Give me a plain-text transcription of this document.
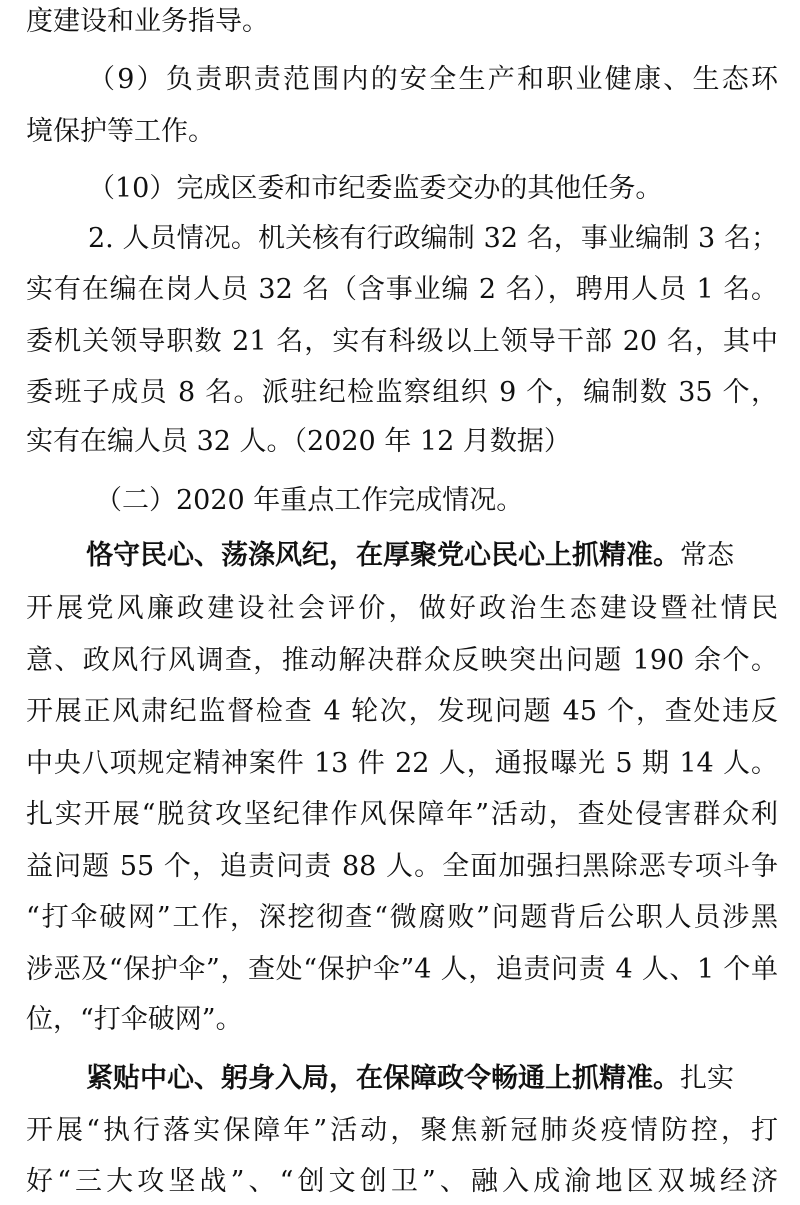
度建设和业务指导。
（9）负责职责范围内的安全生产和职业健康、生态环
境保护等工作。
（10）完成区委和市纪委监委交办的其他任务。
2. 人员情况。机关核有行政编制 32 名，事业编制 3 名；
实有在编在岗人员 32 名（含事业编 2 名），聘用人员 1 名。
委机关领导职数 21 名，实有科级以上领导干部 20 名，其中
委班子成员 8 名。派驻纪检监察组织 9 个，编制数 35 个，
实有在编人员 32 人。（2020 年 12 月数据）
（二）2020 年重点工作完成情况。
恪守民心、荡涤风纪，在厚聚党心民心上抓精准。常态
开展党风廉政建设社会评价，做好政治生态建设暨社情民
意、政风行风调查，推动解决群众反映突出问题 190 余个。
开展正风肃纪监督检查 4 轮次，发现问题 45 个，查处违反
中央八项规定精神案件 13 件 22 人，通报曝光 5 期 14 人。
扎实开展“脱贫攻坚纪律作风保障年”活动，查处侵害群众利
益问题 55 个，追责问责 88 人。全面加强扫黑除恶专项斗争
“打伞破网”工作，深挖彻查“微腐败”问题背后公职人员涉黑
涉恶及“保护伞”，查处“保护伞”4 人，追责问责 4 人、1 个单
位，“打伞破网”。
紧贴中心、躬身入局，在保障政令畅通上抓精准。扎实
开展“执行落实保障年”活动，聚焦新冠肺炎疫情防控，打
好“三大攻坚战”、“创文创卫”、融入成渝地区双城经济
